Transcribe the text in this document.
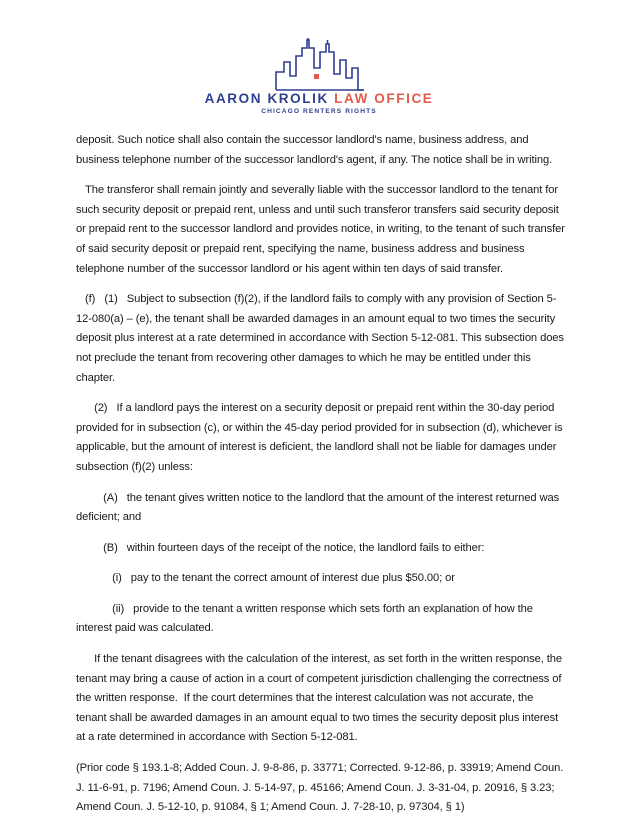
AARON KROLIK LAW OFFICE
CHICAGO RENTERS RIGHTS

deposit. Such notice shall also contain the successor landlord's name, business address, and business telephone number of the successor landlord's agent, if any. The notice shall be in writing.

The transferor shall remain jointly and severally liable with the successor landlord to the tenant for such security deposit or prepaid rent, unless and until such transferor transfers said security deposit or prepaid rent to the successor landlord and provides notice, in writing, to the tenant of such transfer of said security deposit or prepaid rent, specifying the name, business address and business telephone number of the successor landlord or his agent within ten days of said transfer.

(f)   (1)   Subject to subsection (f)(2), if the landlord fails to comply with any provision of Section 5-12-080(a) – (e), the tenant shall be awarded damages in an amount equal to two times the security deposit plus interest at a rate determined in accordance with Section 5-12-081. This subsection does not preclude the tenant from recovering other damages to which he may be entitled under this chapter.

(2)   If a landlord pays the interest on a security deposit or prepaid rent within the 30-day period provided for in subsection (c), or within the 45-day period provided for in subsection (d), whichever is applicable, but the amount of interest is deficient, the landlord shall not be liable for damages under subsection (f)(2) unless:

(A)   the tenant gives written notice to the landlord that the amount of the interest returned was deficient; and

(B)   within fourteen days of the receipt of the notice, the landlord fails to either:

(i)   pay to the tenant the correct amount of interest due plus $50.00; or

(ii)   provide to the tenant a written response which sets forth an explanation of how the interest paid was calculated.

If the tenant disagrees with the calculation of the interest, as set forth in the written response, the tenant may bring a cause of action in a court of competent jurisdiction challenging the correctness of the written response.  If the court determines that the interest calculation was not accurate, the tenant shall be awarded damages in an amount equal to two times the security deposit plus interest at a rate determined in accordance with Section 5-12-081.

(Prior code § 193.1-8; Added Coun. J. 9-8-86, p. 33771; Corrected. 9-12-86, p. 33919; Amend Coun. J. 11-6-91, p. 7196; Amend Coun. J. 5-14-97, p. 45166; Amend Coun. J. 3-31-04, p. 20916, § 3.23; Amend Coun. J. 5-12-10, p. 91084, § 1; Amend Coun. J. 7-28-10, p. 97304, § 1)
